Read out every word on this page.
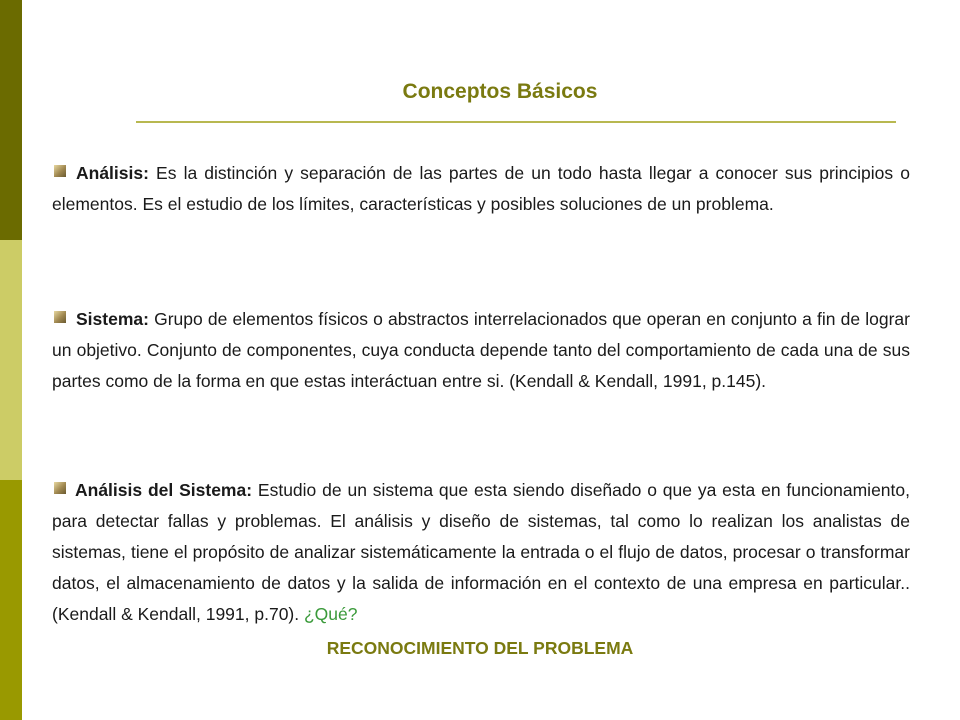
Conceptos Básicos
Análisis: Es la distinción y separación de las partes de un todo hasta llegar a conocer sus principios o elementos. Es el estudio de los límites, características y posibles soluciones de un problema.
Sistema: Grupo de elementos físicos o abstractos interrelacionados que operan en conjunto a fin de lograr un objetivo. Conjunto de componentes, cuya conducta depende tanto del comportamiento de cada una de sus partes como de la forma en que estas interáctuan entre si. (Kendall & Kendall, 1991, p.145).
Análisis del Sistema: Estudio de un sistema que esta siendo diseñado o que ya esta en funcionamiento, para detectar fallas y problemas. El análisis y diseño de sistemas, tal como lo realizan los analistas de sistemas, tiene el propósito de analizar sistemáticamente la entrada o el flujo de datos, procesar o transformar datos, el almacenamiento de datos y la salida de información en el contexto de una empresa en particular.. (Kendall & Kendall, 1991, p.70). ¿Qué?
RECONOCIMIENTO DEL PROBLEMA
